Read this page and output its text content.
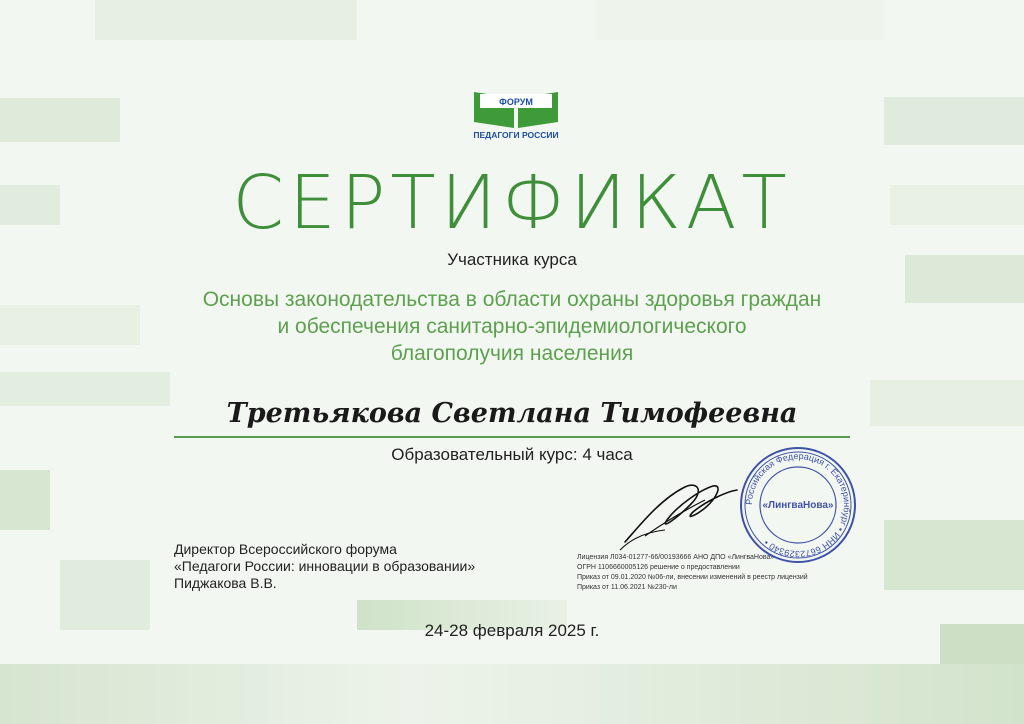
ФОРУМ
ПЕДАГОГИ РОССИИ
СЕРТИФИКАТ
Участника курса
Основы законодательства в области охраны здоровья граждан
и обеспечения санитарно-эпидемиологического
благополучия населения
Третьякова Светлана Тимофеевна
Образовательный курс: 4 часа
Директор Всероссийского форума
«Педагоги России: инновации в образовании»
Пиджакова В.В.
Лицензия Л034-01277-66/00193666 АНО ДПО «ЛингваНова»
ОГРН 1106660005126 решение о предоставлении
Приказ от 09.01.2020 №06-ли, внесении изменений в реестр лицензий
Приказ от 11.06.2021 №230-ли
Российская Федерация г. Екатеринбург • ИНН 6672329340 •
«ЛингваНова»
24-28 февраля 2025 г.
